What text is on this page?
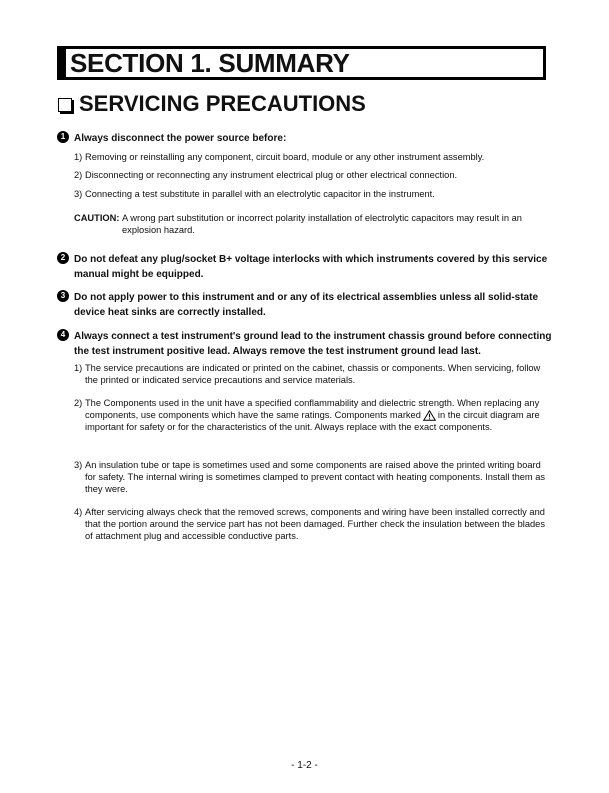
SECTION 1. SUMMARY
SERVICING PRECAUTIONS
1 Always disconnect the power source before:
1) Removing or reinstalling any component, circuit board, module or any other instrument assembly.
2) Disconnecting or reconnecting any instrument electrical plug or other electrical connection.
3) Connecting a test substitute in parallel with an electrolytic capacitor in the instrument.
CAUTION: A wrong part substitution or incorrect polarity installation of electrolytic capacitors may result in an explosion hazard.
2 Do not defeat any plug/socket B+ voltage interlocks with which instruments covered by this service manual might be equipped.
3 Do not apply power to this instrument and or any of its electrical assemblies unless all solid-state device heat sinks are correctly installed.
4 Always connect a test instrument's ground lead to the instrument chassis ground before connecting the test instrument positive lead. Always remove the test instrument ground lead last.
1) The service precautions are indicated or printed on the cabinet, chassis or components. When servicing, follow the printed or indicated service precautions and service materials.
2) The Components used in the unit have a specified conflammability and dielectric strength. When replacing any components, use components which have the same ratings. Components marked in the circuit diagram are important for safety or for the characteristics of the unit. Always replace with the exact components.
3) An insulation tube or tape is sometimes used and some components are raised above the printed writing board for safety. The internal wiring is sometimes clamped to prevent contact with heating components. Install them as they were.
4) After servicing always check that the removed screws, components and wiring have been installed correctly and that the portion around the service part has not been damaged. Further check the insulation between the blades of attachment plug and accessible conductive parts.
- 1-2 -
